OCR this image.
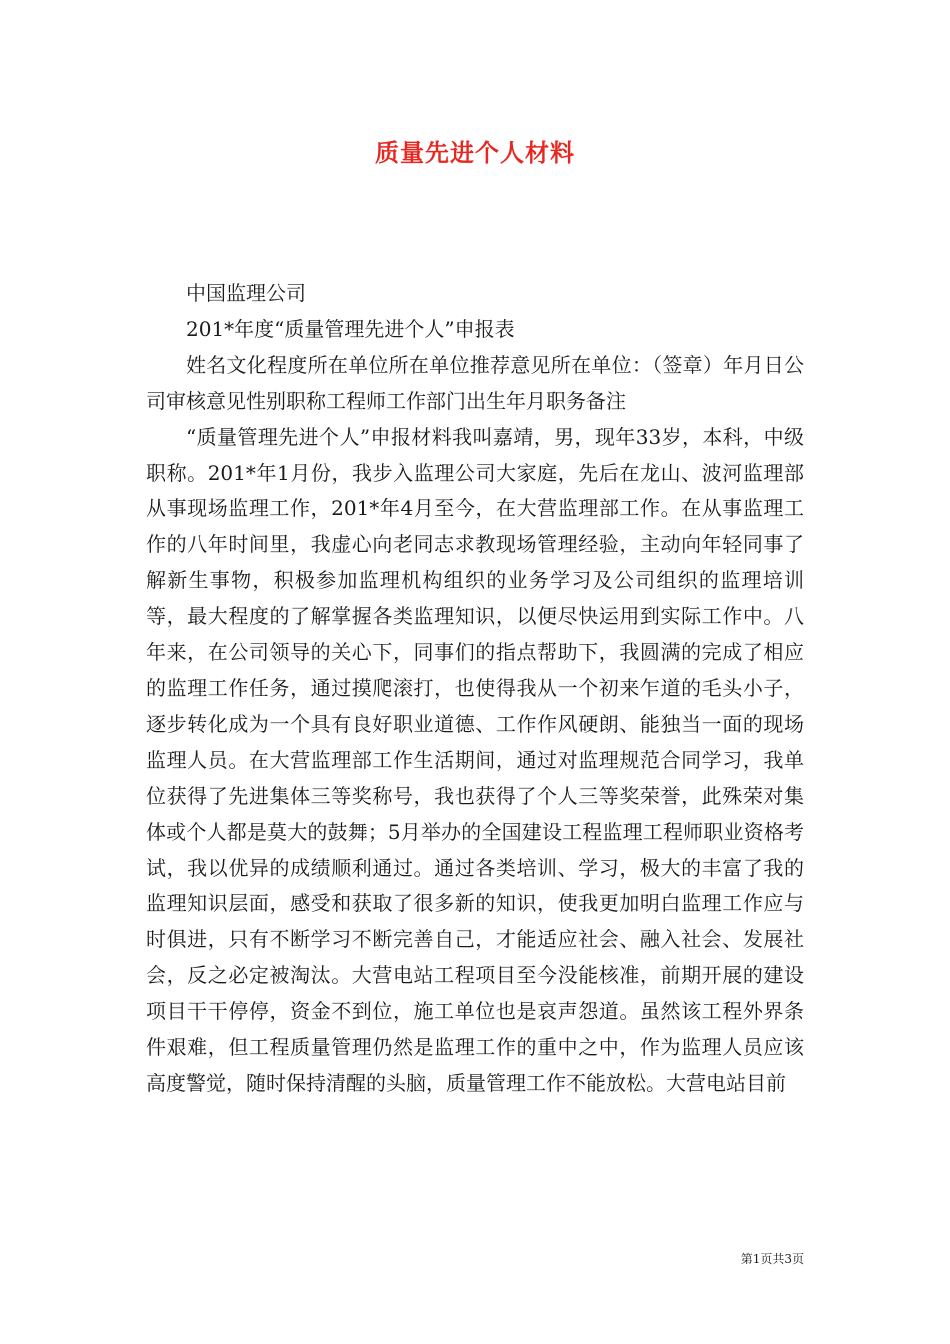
质量先进个人材料

中国监理公司

201*年度“质量管理先进个人”申报表

姓名文化程度所在单位所在单位推荐意见所在单位：（签章）年月日公司审核意见性别职称工程师工作部门出生年月职务备注

“质量管理先进个人”申报材料我叫嘉靖，男，现年33岁，本科，中级职称。201*年1月份，我步入监理公司大家庭，先后在龙山、波河监理部从事现场监理工作，201*年4月至今，在大营监理部工作。在从事监理工作的八年时间里，我虚心向老同志求教现场管理经验，主动向年轻同事了解新生事物，积极参加监理机构组织的业务学习及公司组织的监理培训等，最大程度的了解掌握各类监理知识，以便尽快运用到实际工作中。八年来，在公司领导的关心下，同事们的指点帮助下，我圆满的完成了相应的监理工作任务，通过摸爬滚打，也使得我从一个初来乍道的毛头小子，逐步转化成为一个具有良好职业道德、工作作风硬朗、能独当一面的现场监理人员。在大营监理部工作生活期间，通过对监理规范合同学习，我单位获得了先进集体三等奖称号，我也获得了个人三等奖荣誉，此殊荣对集体或个人都是莫大的鼓舞；5月举办的全国建设工程监理工程师职业资格考试，我以优异的成绩顺利通过。通过各类培训、学习，极大的丰富了我的监理知识层面，感受和获取了很多新的知识，使我更加明白监理工作应与时俱进，只有不断学习不断完善自己，才能适应社会、融入社会、发展社会，反之必定被淘汰。大营电站工程项目至今没能核准，前期开展的建设项目干干停停，资金不到位，施工单位也是哀声怨道。虽然该工程外界条件艰难，但工程质量管理仍然是监理工作的重中之中，作为监理人员应该高度警觉，随时保持清醒的头脑，质量管理工作不能放松。大营电站目前

第1页共3页
